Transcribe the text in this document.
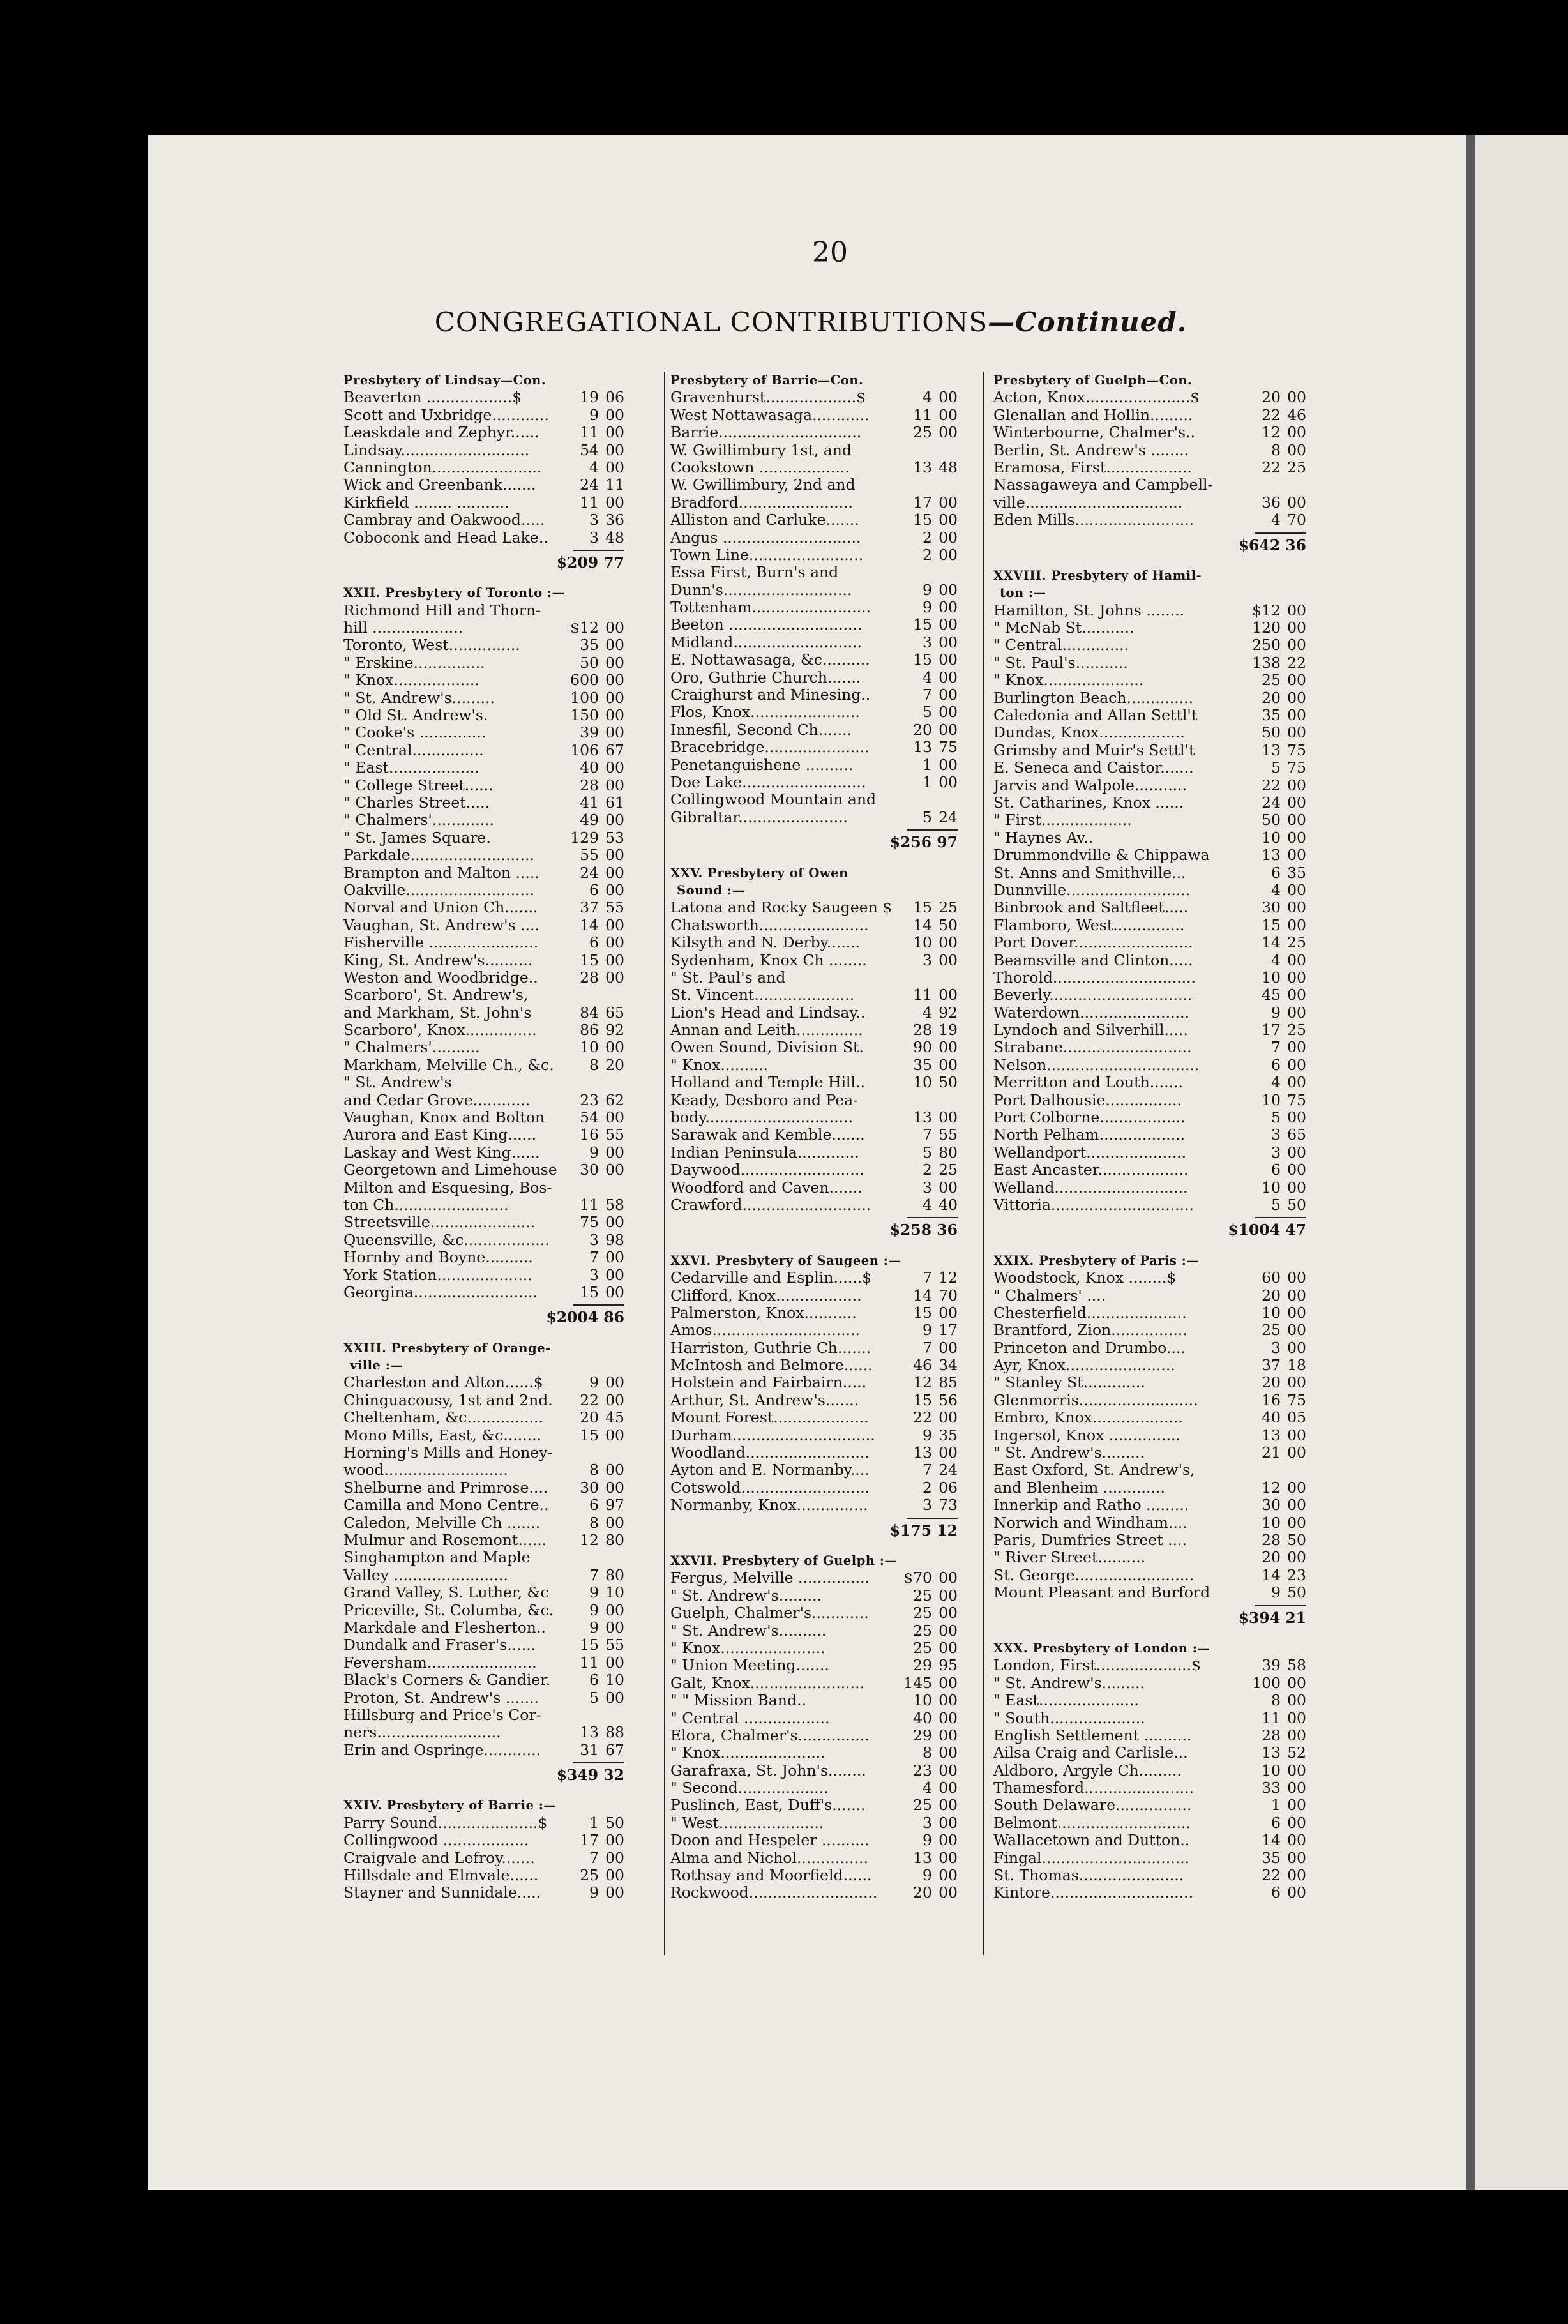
20
CONGREGATIONAL CONTRIBUTIONS—Continued.
Presbytery of Lindsay—Con.
Beaverton ..................$	19 06
Scott and Uxbridge............	9 00
Leaskdale and Zephyr......	11 00
Lindsay...........................	54 00
Cannington.......................	4 00
Wick and Greenbank.......	24 11
Kirkfield ........ ...........	11 00
Cambray and Oakwood.....	3 36
Coboconk and Head Lake..	3 48
$209 77
XXII. Presbytery of Toronto :—
Richmond Hill and Thorn-
hill ...................	$12 00
Toronto, West...............	35 00
" Erskine...............	50 00
" Knox..................	600 00
" St. Andrew's.........	100 00
" Old St. Andrew's.	150 00
" Cooke's ..............	39 00
" Central...............	106 67
" East...................	40 00
" College Street......	28 00
" Charles Street.....	41 61
" Chalmers'.............	49 00
" St. James Square.	129 53
Parkdale..........................	55 00
Brampton and Malton .....	24 00
Oakville...........................	6 00
Norval and Union Ch.......	37 55
Vaughan, St. Andrew's ....	14 00
Fisherville .......................	6 00
King, St. Andrew's..........	15 00
Weston and Woodbridge..	28 00
Scarboro', St. Andrew's,
and Markham, St. John's	84 65
Scarboro', Knox...............	86 92
" Chalmers'..........	10 00
Markham, Melville Ch., &c.	8 20
" St. Andrew's
and Cedar Grove............	23 62
Vaughan, Knox and Bolton	54 00
Aurora and East King......	16 55
Laskay and West King......	9 00
Georgetown and Limehouse	30 00
Milton and Esquesing, Bos-
ton Ch........................	11 58
Streetsville......................	75 00
Queensville, &c..................	3 98
Hornby and Boyne..........	7 00
York Station....................	3 00
Georgina..........................	15 00
$2004 86
XXIII. Presbytery of Orange-
ville :—
Charleston and Alton......$	9 00
Chinguacousy, 1st and 2nd.	22 00
Cheltenham, &c................	20 45
Mono Mills, East, &c........	15 00
Horning's Mills and Honey-
wood..........................	8 00
Shelburne and Primrose....	30 00
Camilla and Mono Centre..	6 97
Caledon, Melville Ch .......	8 00
Mulmur and Rosemont......	12 80
Singhampton and Maple
Valley ........................	7 80
Grand Valley, S. Luther, &c	9 10
Priceville, St. Columba, &c.	9 00
Markdale and Flesherton..	9 00
Dundalk and Fraser's......	15 55
Feversham.......................	11 00
Black's Corners & Gandier.	6 10
Proton, St. Andrew's .......	5 00
Hillsburg and Price's Cor-
ners..........................	13 88
Erin and Ospringe............	31 67
$349 32
XXIV. Presbytery of Barrie :—
Parry Sound.....................$	1 50
Collingwood ..................	17 00
Craigvale and Lefroy.......	7 00
Hillsdale and Elmvale......	25 00
Stayner and Sunnidale.....	9 00
Presbytery of Barrie—Con.
Gravenhurst...................$	4 00
West Nottawasaga............	11 00
Barrie..............................	25 00
W. Gwillimbury 1st, and
Cookstown ...................	13 48
W. Gwillimbury, 2nd and
Bradford........................	17 00
Alliston and Carluke.......	15 00
Angus .............................	2 00
Town Line........................	2 00
Essa First, Burn's and
Dunn's...........................	9 00
Tottenham.........................	9 00
Beeton ............................	15 00
Midland...........................	3 00
E. Nottawasaga, &c..........	15 00
Oro, Guthrie Church.......	4 00
Craighurst and Minesing..	7 00
Flos, Knox.......................	5 00
Innesfil, Second Ch.......	20 00
Bracebridge......................	13 75
Penetanguishene ..........	1 00
Doe Lake..........................	1 00
Collingwood Mountain and
Gibraltar.......................	5 24
$256 97
XXV. Presbytery of Owen
Sound :—
Latona and Rocky Saugeen $	15 25
Chatsworth.......................	14 50
Kilsyth and N. Derby.......	10 00
Sydenham, Knox Ch ........	3 00
" St. Paul's and
St. Vincent.....................	11 00
Lion's Head and Lindsay..	4 92
Annan and Leith..............	28 19
Owen Sound, Division St.	90 00
" Knox..........	35 00
Holland and Temple Hill..	10 50
Keady, Desboro and Pea-
body...............................	13 00
Sarawak and Kemble.......	7 55
Indian Peninsula.............	5 80
Daywood..........................	2 25
Woodford and Caven.......	3 00
Crawford...........................	4 40
$258 36
XXVI. Presbytery of Saugeen :—
Cedarville and Esplin......$	7 12
Clifford, Knox..................	14 70
Palmerston, Knox...........	15 00
Amos...............................	9 17
Harriston, Guthrie Ch.......	7 00
McIntosh and Belmore......	46 34
Holstein and Fairbairn.....	12 85
Arthur, St. Andrew's.......	15 56
Mount Forest....................	22 00
Durham..............................	9 35
Woodland..........................	13 00
Ayton and E. Normanby....	7 24
Cotswold...........................	2 06
Normanby, Knox...............	3 73
$175 12
XXVII. Presbytery of Guelph :—
Fergus, Melville ...............	$70 00
" St. Andrew's.........	25 00
Guelph, Chalmer's............	25 00
" St. Andrew's..........	25 00
" Knox......................	25 00
" Union Meeting.......	29 95
Galt, Knox........................	145 00
" " Mission Band..	10 00
" Central ..................	40 00
Elora, Chalmer's...............	29 00
" Knox......................	8 00
Garafraxa, St. John's........	23 00
" Second...................	4 00
Puslinch, East, Duff's.......	25 00
" West......................	3 00
Doon and Hespeler ..........	9 00
Alma and Nichol...............	13 00
Rothsay and Moorfield......	9 00
Rockwood...........................	20 00
Presbytery of Guelph—Con.
Acton, Knox......................$	20 00
Glenallan and Hollin.........	22 46
Winterbourne, Chalmer's..	12 00
Berlin, St. Andrew's ........	8 00
Eramosa, First..................	22 25
Nassagaweya and Campbell-
ville.................................	36 00
Eden Mills.........................	4 70
$642 36
XXVIII. Presbytery of Hamil-
ton :—
Hamilton, St. Johns ........	$12 00
" McNab St...........	120 00
" Central..............	250 00
" St. Paul's...........	138 22
" Knox.....................	25 00
Burlington Beach..............	20 00
Caledonia and Allan Settl't	35 00
Dundas, Knox..................	50 00
Grimsby and Muir's Settl't	13 75
E. Seneca and Caistor.......	5 75
Jarvis and Walpole...........	22 00
St. Catharines, Knox ......	24 00
" First...................	50 00
" Haynes Av..	10 00
Drummondville & Chippawa	13 00
St. Anns and Smithville...	6 35
Dunnville..........................	4 00
Binbrook and Saltfleet.....	30 00
Flamboro, West...............	15 00
Port Dover.........................	14 25
Beamsville and Clinton.....	4 00
Thorold..............................	10 00
Beverly..............................	45 00
Waterdown.......................	9 00
Lyndoch and Silverhill.....	17 25
Strabane...........................	7 00
Nelson................................	6 00
Merritton and Louth.......	4 00
Port Dalhousie................	10 75
Port Colborne..................	5 00
North Pelham..................	3 65
Wellandport.....................	3 00
East Ancaster...................	6 00
Welland............................	10 00
Vittoria..............................	5 50
$1004 47
XXIX. Presbytery of Paris :—
Woodstock, Knox ........$	60 00
" Chalmers' ....	20 00
Chesterfield.....................	10 00
Brantford, Zion................	25 00
Princeton and Drumbo....	3 00
Ayr, Knox.......................	37 18
" Stanley St.............	20 00
Glenmorris.........................	16 75
Embro, Knox...................	40 05
Ingersol, Knox ...............	13 00
" St. Andrew's.........	21 00
East Oxford, St. Andrew's,
and Blenheim .............	12 00
Innerkip and Ratho .........	30 00
Norwich and Windham....	10 00
Paris, Dumfries Street ....	28 50
" River Street..........	20 00
St. George.........................	14 23
Mount Pleasant and Burford	9 50
$394 21
XXX. Presbytery of London :—
London, First....................$	39 58
" St. Andrew's.........	100 00
" East.....................	8 00
" South....................	11 00
English Settlement ..........	28 00
Ailsa Craig and Carlisle...	13 52
Aldboro, Argyle Ch.........	10 00
Thamesford.......................	33 00
South Delaware................	1 00
Belmont............................	6 00
Wallacetown and Dutton..	14 00
Fingal...............................	35 00
St. Thomas......................	22 00
Kintore..............................	6 00
